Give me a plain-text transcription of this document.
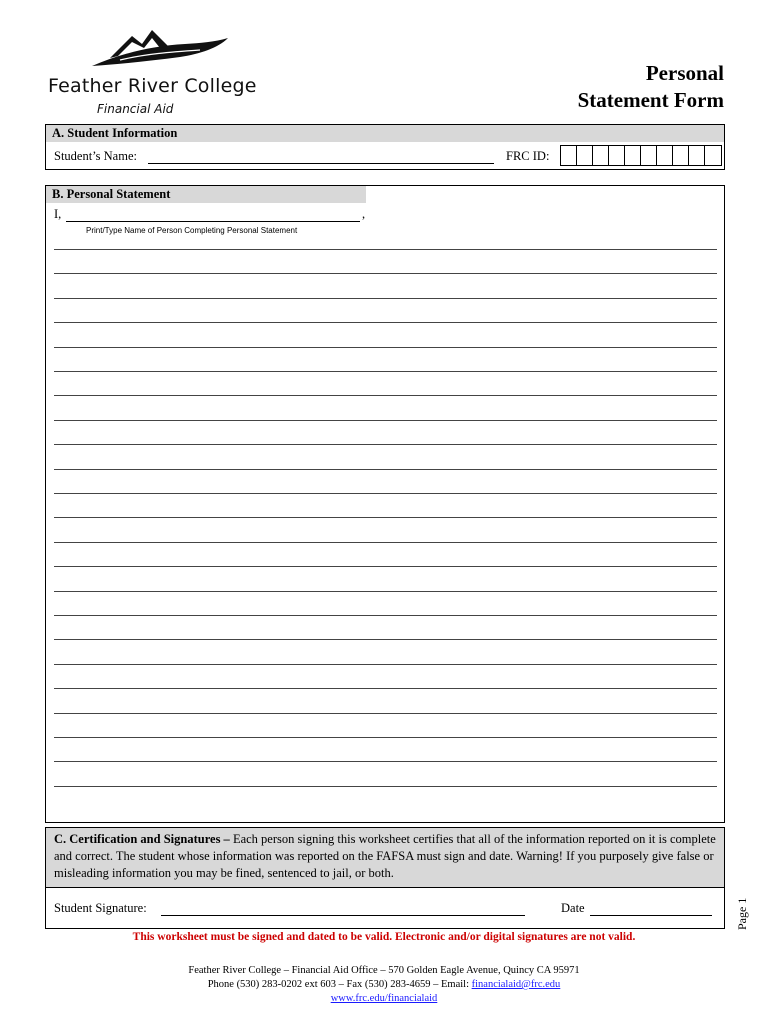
Feather River College
Financial Aid
Personal
Statement Form
A. Student Information
Student’s Name:	FRC ID:
B. Personal Statement
I,	,
Print/Type Name of Person Completing Personal Statement
C. Certification and Signatures – Each person signing this worksheet certifies that all of the information reported on it is complete and correct. The student whose information was reported on the FAFSA must sign and date. Warning! If you purposely give false or misleading information you may be fined, sentenced to jail, or both.
Student Signature:	Date
This worksheet must be signed and dated to be valid. Electronic and/or digital signatures are not valid.
Page 1
Feather River College – Financial Aid Office – 570 Golden Eagle Avenue, Quincy CA 95971
Phone (530) 283-0202 ext 603 – Fax (530) 283-4659 – Email: financialaid@frc.edu
www.frc.edu/financialaid
